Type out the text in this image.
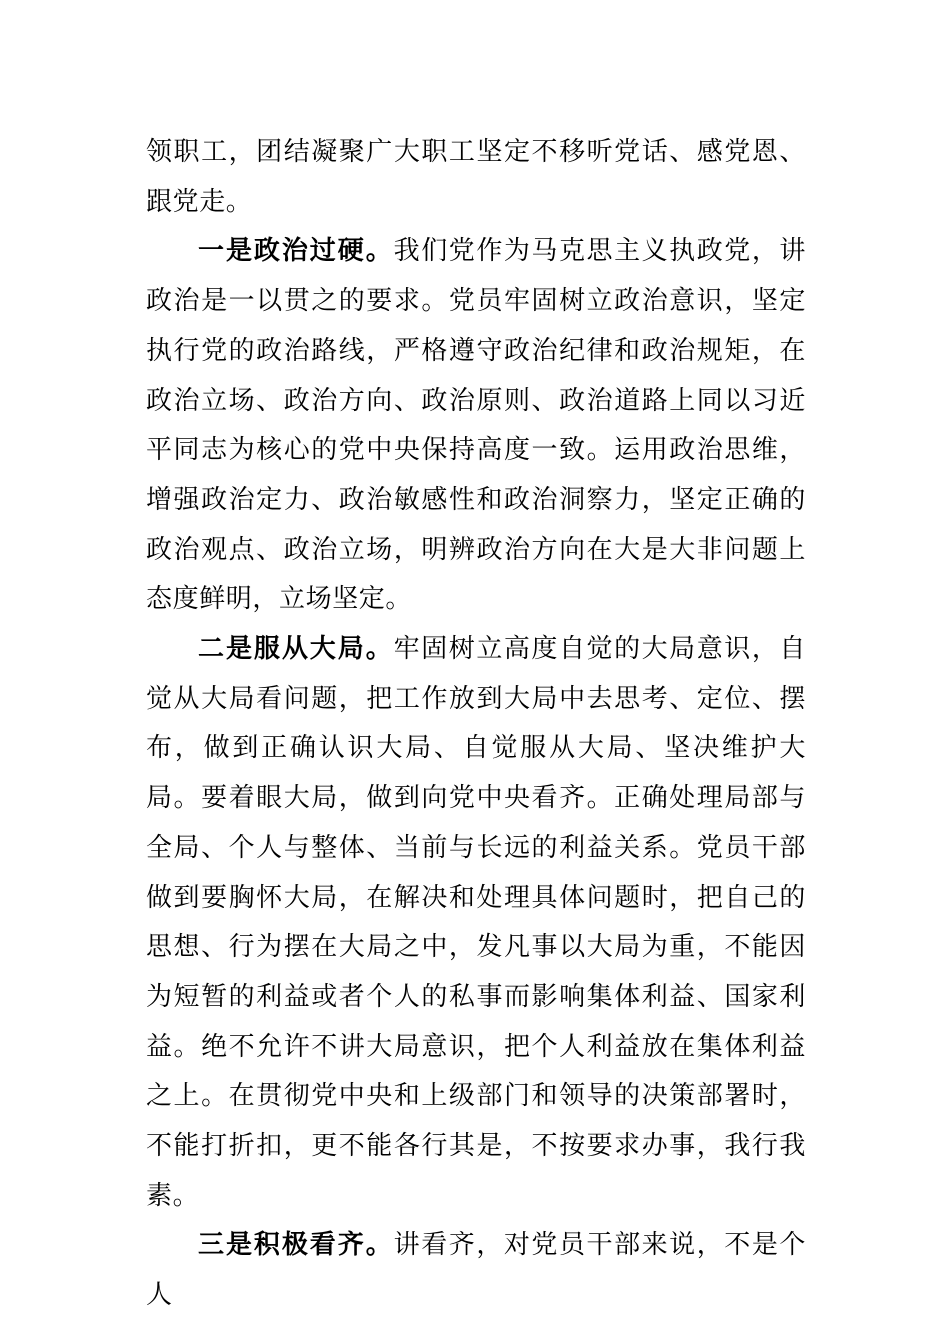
领职工，团结凝聚广大职工坚定不移听党话、感党恩、跟党走。

一是政治过硬。我们党作为马克思主义执政党，讲政治是一以贯之的要求。党员牢固树立政治意识，坚定执行党的政治路线，严格遵守政治纪律和政治规矩，在政治立场、政治方向、政治原则、政治道路上同以习近平同志为核心的党中央保持高度一致。运用政治思维，增强政治定力、政治敏感性和政治洞察力，坚定正确的政治观点、政治立场，明辨政治方向在大是大非问题上态度鲜明，立场坚定。

二是服从大局。牢固树立高度自觉的大局意识，自觉从大局看问题，把工作放到大局中去思考、定位、摆布，做到正确认识大局、自觉服从大局、坚决维护大局。要着眼大局，做到向党中央看齐。正确处理局部与全局、个人与整体、当前与长远的利益关系。党员干部做到要胸怀大局，在解决和处理具体问题时，把自己的思想、行为摆在大局之中，发凡事以大局为重，不能因为短暂的利益或者个人的私事而影响集体利益、国家利益。绝不允许不讲大局意识，把个人利益放在集体利益之上。在贯彻党中央和上级部门和领导的决策部署时，不能打折扣，更不能各行其是，不按要求办事，我行我素。

三是积极看齐。讲看齐，对党员干部来说，不是个人
